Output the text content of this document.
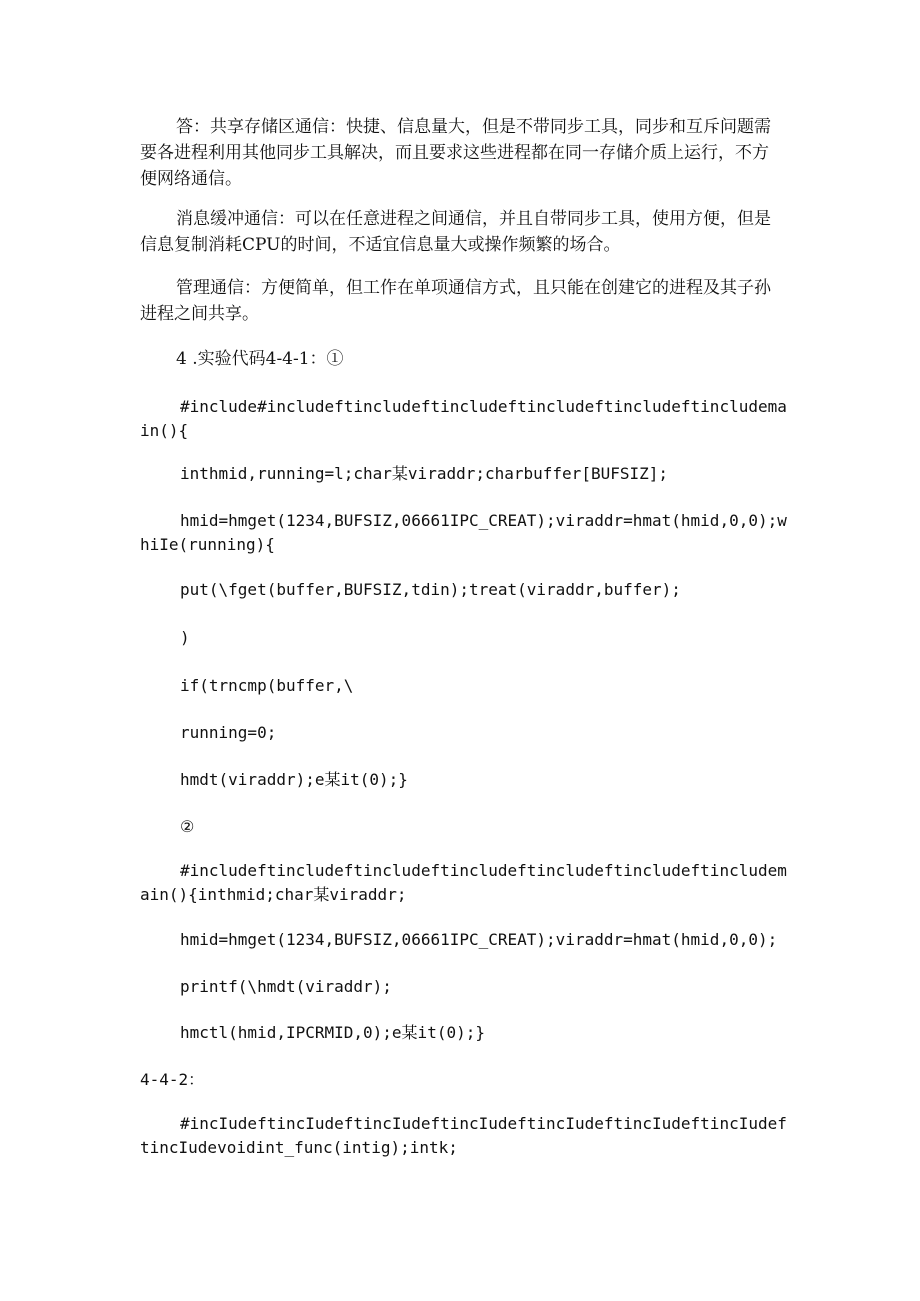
答：共享存储区通信：快捷、信息量大，但是不带同步工具，同步和互斥问题需要各进程利用其他同步工具解决，而且要求这些进程都在同一存储介质上运行，不方便网络通信。

消息缓冲通信：可以在任意进程之间通信，并且自带同步工具，使用方便，但是信息复制消耗CPU的时间，不适宜信息量大或操作频繁的场合。

管理通信：方便简单，但工作在单项通信方式，且只能在创建它的进程及其子孙进程之间共享。

4 .实验代码4-4-1：①

#include#includeftincludeftincludeftincludeftincludeftincludemain(){

inthmid,running=l;char某viraddr;charbuffer[BUFSIZ];

hmid=hmget(1234,BUFSIZ,06661IPC_CREAT);viraddr=hmat(hmid,0,0);whiIe(running){

put(\fget(buffer,BUFSIZ,tdin);treat(viraddr,buffer);

)

if(trncmp(buffer,\

running=0;

hmdt(viraddr);e某it(0);}

②

#includeftincludeftincludeftincludeftincludeftincludeftincludemain(){inthmid;char某viraddr;

hmid=hmget(1234,BUFSIZ,06661IPC_CREAT);viraddr=hmat(hmid,0,0);

printf(\hmdt(viraddr);

hmctl(hmid,IPCRMID,0);e某it(0);}

4-4-2：

#incIudeftincIudeftincIudeftincIudeftincIudeftincIudeftincIudeftincIudevoidint_func(intig);intk;
